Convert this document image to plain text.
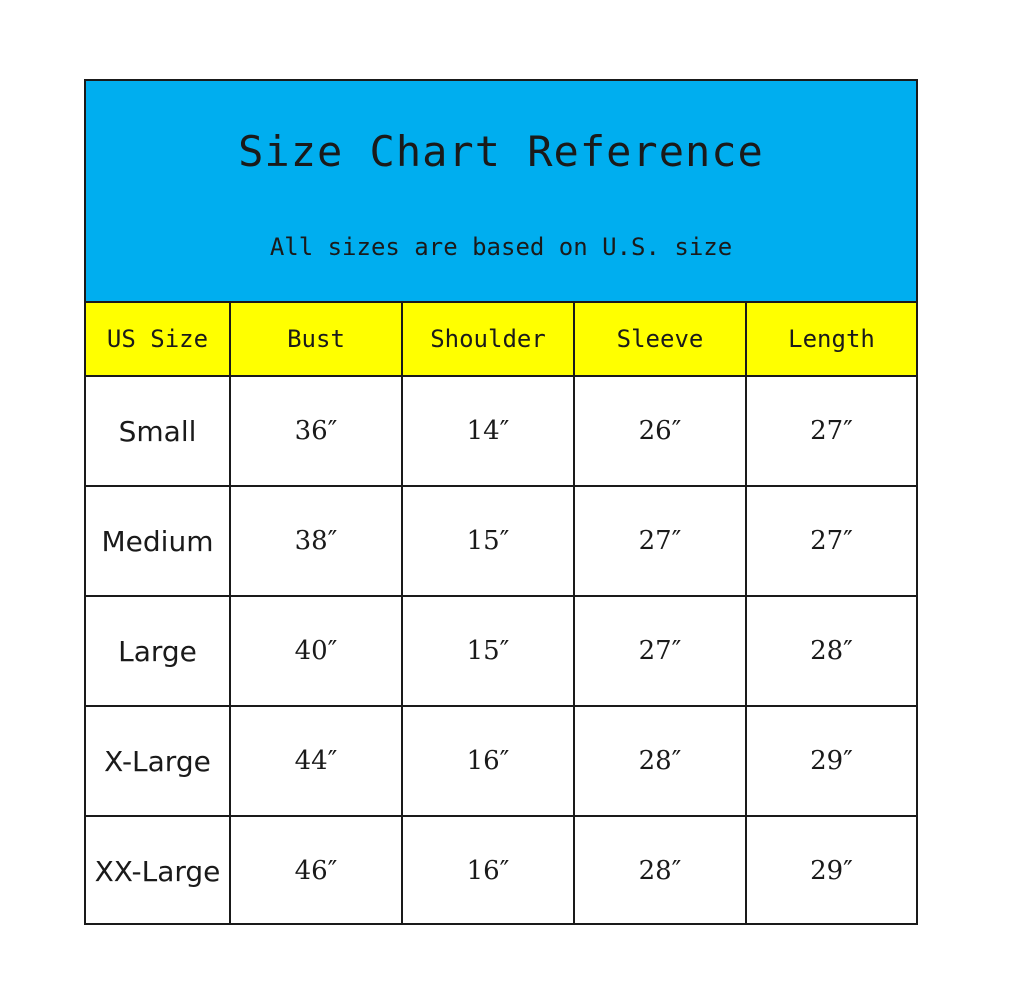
Size Chart Reference
All sizes are based on U.S. size
US Size	Bust	Shoulder	Sleeve	Length
Small	36″	14″	26″	27″
Medium	38″	15″	27″	27″
Large	40″	15″	27″	28″
X-Large	44″	16″	28″	29″
XX-Large	46″	16″	28″	29″
